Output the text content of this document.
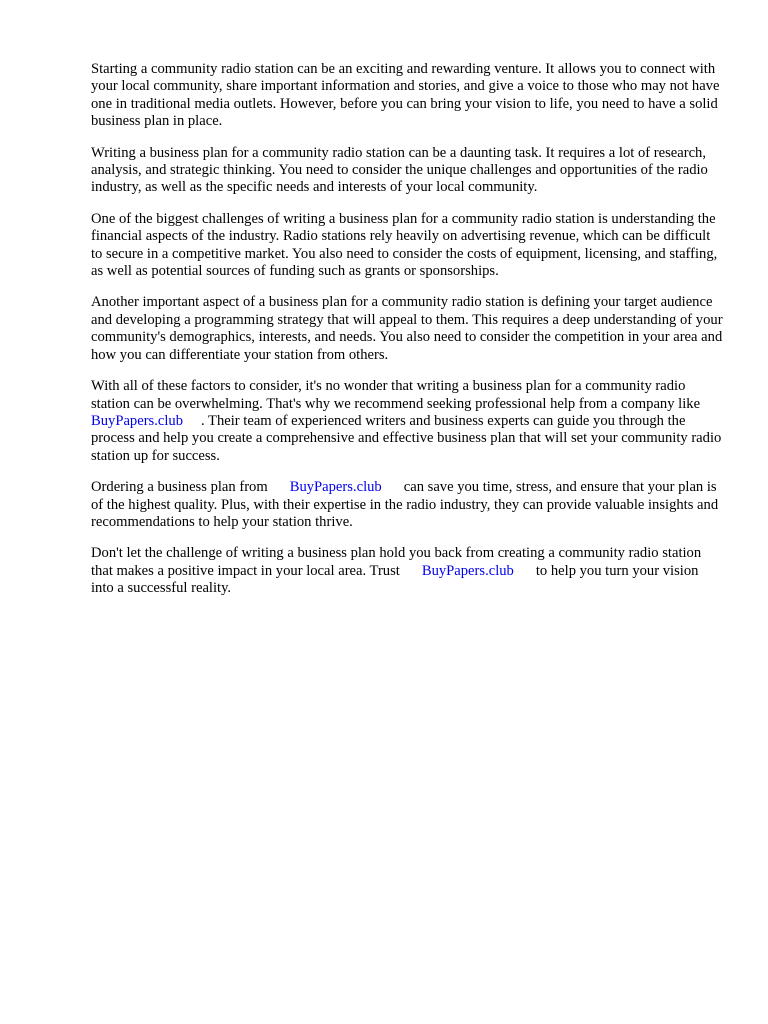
Starting a community radio station can be an exciting and rewarding venture. It allows you to connect with your local community, share important information and stories, and give a voice to those who may not have one in traditional media outlets. However, before you can bring your vision to life, you need to have a solid business plan in place.

Writing a business plan for a community radio station can be a daunting task. It requires a lot of research, analysis, and strategic thinking. You need to consider the unique challenges and opportunities of the radio industry, as well as the specific needs and interests of your local community.

One of the biggest challenges of writing a business plan for a community radio station is understanding the financial aspects of the industry. Radio stations rely heavily on advertising revenue, which can be difficult to secure in a competitive market. You also need to consider the costs of equipment, licensing, and staffing, as well as potential sources of funding such as grants or sponsorships.

Another important aspect of a business plan for a community radio station is defining your target audience and developing a programming strategy that will appeal to them. This requires a deep understanding of your community's demographics, interests, and needs. You also need to consider the competition in your area and how you can differentiate your station from others.

With all of these factors to consider, it's no wonder that writing a business plan for a community radio station can be overwhelming. That's why we recommend seeking professional help from a company likeBuyPapers.club . Their team of experienced writers and business experts can guide you through the process and help you create a comprehensive and effective business plan that will set your community radio station up for success.

Ordering a business plan from BuyPapers.club can save you time, stress, and ensure that your plan is of the highest quality. Plus, with their expertise in the radio industry, they can provide valuable insights and recommendations to help your station thrive.

Don't let the challenge of writing a business plan hold you back from creating a community radio station that makes a positive impact in your local area. Trust BuyPapers.club to help you turn your vision into a successful reality.
